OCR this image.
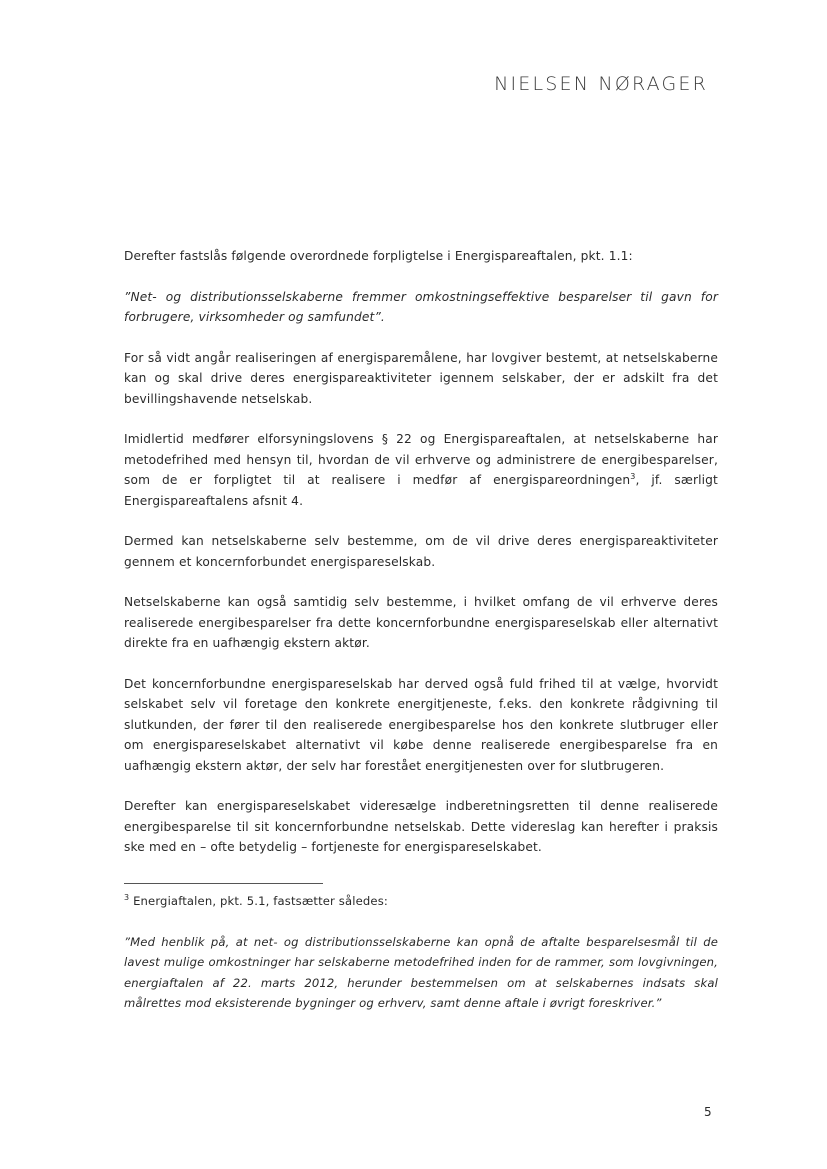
NIELSEN NØRAGER

Derefter fastslås følgende overordnede forpligtelse i Energispareaftalen, pkt. 1.1:

”Net- og distributionsselskaberne fremmer omkostningseffektive besparelser til gavn for forbrugere, virksomheder og samfundet”.

For så vidt angår realiseringen af energisparemålene, har lovgiver bestemt, at netselskaberne kan og skal drive deres energispareaktiviteter igennem selskaber, der er adskilt fra det bevillingshavende netselskab.

Imidlertid medfører elforsyningslovens § 22 og Energispareaftalen, at netselskaberne har metodefrihed med hensyn til, hvordan de vil erhverve og administrere de energibesparelser, som de er forpligtet til at realisere i medfør af energispareordningen$^3$, jf. særligt Energispareaftalens afsnit 4.

Dermed kan netselskaberne selv bestemme, om de vil drive deres energispareaktiviteter gennem et koncernforbundet energispareselskab.

Netselskaberne kan også samtidig selv bestemme, i hvilket omfang de vil erhverve deres realiserede energibesparelser fra dette koncernforbundne energispareselskab eller alternativt direkte fra en uafhængig ekstern aktør.

Det koncernforbundne energispareselskab har derved også fuld frihed til at vælge, hvorvidt selskabet selv vil foretage den konkrete energitjeneste, f.eks. den konkrete rådgivning til slutkunden, der fører til den realiserede energibesparelse hos den konkrete slutbruger eller om energispareselskabet alternativt vil købe denne realiserede energibesparelse fra en uafhængig ekstern aktør, der selv har forestået energitjenesten over for slutbrugeren.

Derefter kan energispareselskabet videresælge indberetningsretten til denne realiserede energibesparelse til sit koncernforbundne netselskab. Dette videreslag kan herefter i praksis ske med en – ofte betydelig – fortjeneste for energispareselskabet.

$^3$ Energiaftalen, pkt. 5.1, fastsætter således:

”Med henblik på, at net- og distributionsselskaberne kan opnå de aftalte besparelsesmål til de lavest mulige omkostninger har selskaberne metodefrihed inden for de rammer, som lovgivningen, energiaftalen af 22. marts 2012, herunder bestemmelsen om at selskabernes indsats skal målrettes mod eksisterende bygninger og erhverv, samt denne aftale i øvrigt foreskriver.”

5
